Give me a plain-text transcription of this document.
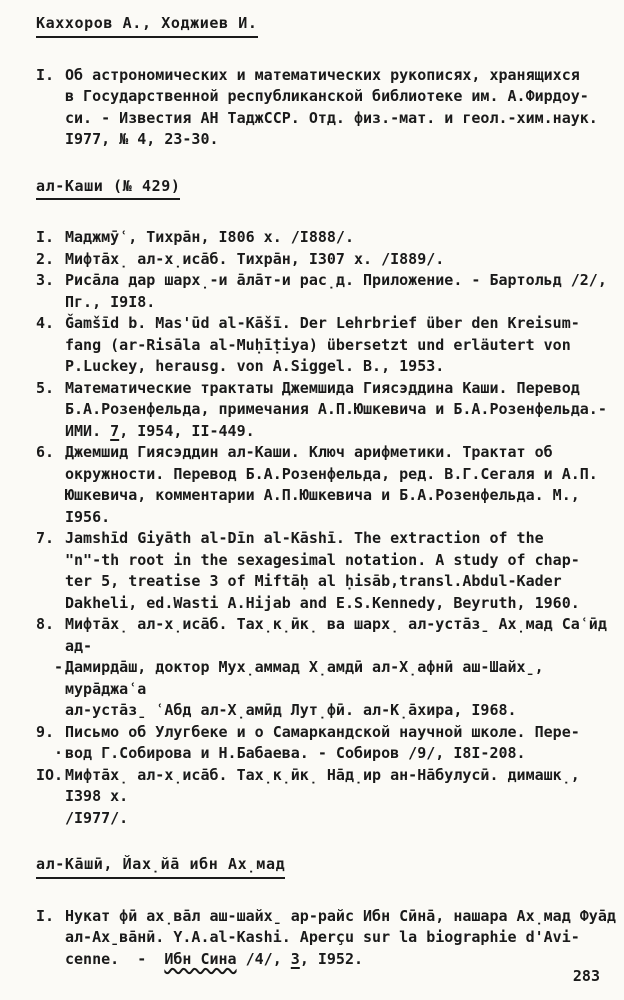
Каххоров А., Ходжиев И.
I. Об астрономических и математических рукописях, хранящихся
в Государственной республиканской библиотеке им. А.Фирдоу-
си. - Известия АН ТаджССР. Отд. физ.-мат. и геол.-хим.наук.
I977, № 4, 23-30.
ал-Каши (№ 429)
I. Маджмӯʿ, Тихра̄н, I806 х. /I888/.
2. Мифта̄х̣ ал-х̣иса̄б. Тихра̄н, I307 х. /I889/.
3. Риса̄ла дар шарх̣-и а̄ла̄т-и рас̣д. Приложение. - Бартольд /2/,
Пг., I9I8.
4. Ǧamšīd b. Mas'ūd al-Kāšī. Der Lehrbrief über den Kreisum-
fang (ar-Risāla al-Muḥīṭiya) übersetzt und erläutert von
P.Luckey, herausg. von A.Siggel. B., 1953.
5. Математические трактаты Джемшида Гиясэддина Каши. Перевод
Б.А.Розенфельда, примечания А.П.Юшкевича и Б.А.Розенфельда.-
ИМИ. 7, I954, II-449.
6. Джемшид Гиясэддин ал-Каши. Ключ арифметики. Трактат об
окружности. Перевод Б.А.Розенфельда, ред. В.Г.Сегаля и А.П.
Юшкевича, комментарии А.П.Юшкевича и Б.А.Розенфельда. М.,
I956.
7. Jamshīd Giyāth al-Dīn al-Kāshī. The extraction of the
"n"-th root in the sexagesimal notation. A study of chap-
ter 5, treatise 3 of Miftāḥ al ḥisāb,transl.Abdul-Kader
Dakheli, ed.Wasti A.Hijab and E.S.Kennedy, Beyruth, 1960.
8. Мифта̄х̣ ал-х̣иса̄б. Тах̣к̣ӣк̣ ва шарх̣ ал-уста̄з̱ Ах̣мад Саʿӣд ад-
- Дамирда̄ш, доктор Мух̣аммад Х̣амдӣ ал-Х̣афнӣ аш-Шайх̱, мура̄джаʿа
ал-уста̄з̱ ʿАбд ал-Х̣амӣд Лут̣фӣ. ал-К̣а̄хира, I968.
9. Письмо об Улугбеке и о Самаркандской научной школе. Пере-
· вод Г.Собирова и Н.Бабаева. - Собиров /9/, I8I-208.
IO. Мифта̄х̣ ал-х̣иса̄б. Тах̣к̣ӣк̣ На̄д̣ир ан-На̄булусӣ. димашк̣, I398 х.
/I977/.
ал-Ка̄шӣ, Йах̣йа̄ ибн Ах̣мад
I. Нукат фӣ ах̣ва̄л аш-шайх̱ ар-райс Ибн Сӣна̄, нашара Ах̣мад Фуа̄д
ал-Ах̱ва̄нӣ. Y.A.al-Kashi. Aperçu sur la biographie d'Avi-
cenne.  -  Ибн Сина /4/, 3, I952.
283
